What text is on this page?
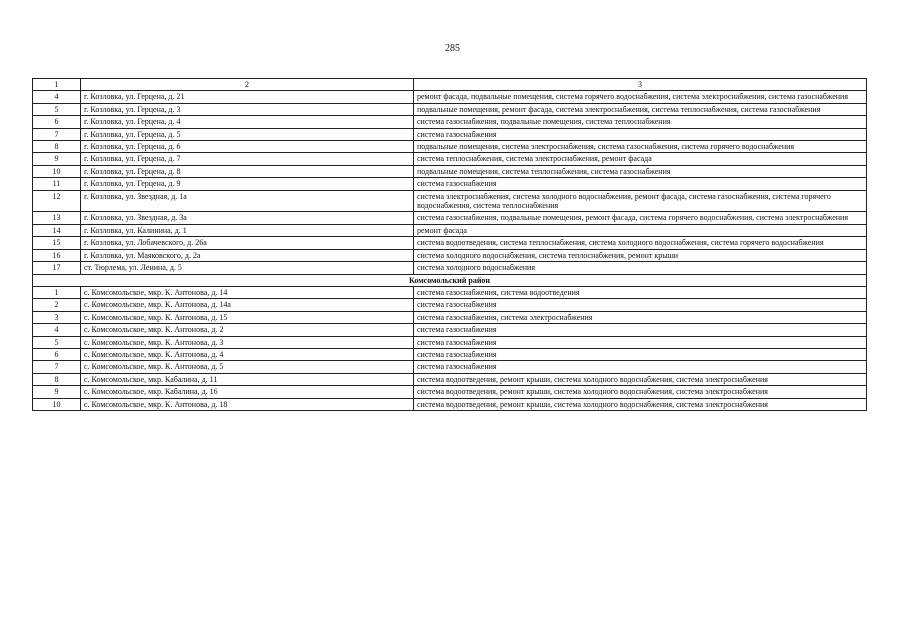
285
1	2	3
4	г. Козловка, ул. Герцена, д. 21	ремонт фасада, подвальные помещения, система горячего водоснабжения, система электроснабжения, система газоснабжения
5	г. Козловка, ул. Герцена, д. 3	подвальные помещения, ремонт фасада, система электроснабжения, система теплоснабжения, система газоснабжения
6	г. Козловка, ул. Герцена, д. 4	система газоснабжения, подвальные помещения, система теплоснабжения
7	г. Козловка, ул. Герцена, д. 5	система газоснабжения
8	г. Козловка, ул. Герцена, д. 6	подвальные помещения, система электроснабжения, система газоснабжения, система горячего водоснабжения
9	г. Козловка, ул. Герцена, д. 7	система теплоснабжения, система электроснабжения, ремонт фасада
10	г. Козловка, ул. Герцена, д. 8	подвальные помещения, система теплоснабжения, система газоснабжения
11	г. Козловка, ул. Герцена, д. 9	система газоснабжения
12	г. Козловка, ул. Звездная, д. 1а	система электроснабжения, система холодного водоснабжения, ремонт фасада, система газоснабжения, система горячего водоснабжения, система теплоснабжения
13	г. Козловка, ул. Звездная, д. 3а	система газоснабжения, подвальные помещения, ремонт фасада, система горячего водоснабжения, система электроснабжения
14	г. Козловка, ул. Калинина, д. 1	ремонт фасада
15	г. Козловка, ул. Лобачевского, д. 26а	система водоотведения, система теплоснабжения, система холодного водоснабжения, система горячего водоснабжения
16	г. Козловка, ул. Маяковского, д. 2а	система холодного водоснабжения, система теплоснабжения, ремонт крыши
17	ст. Тюрлема, ул. Ленина, д. 5	система холодного водоснабжения
Комсомольский район		
1	с. Комсомольское, мкр. К. Антонова, д. 14	система газоснабжения, система водоотведения
2	с. Комсомольское, мкр. К. Антонова, д. 14а	система газоснабжения
3	с. Комсомольское, мкр. К. Антонова, д. 15	система газоснабжения, система электроснабжения
4	с. Комсомольское, мкр. К. Антонова, д. 2	система газоснабжения
5	с. Комсомольское, мкр. К. Антонова, д. 3	система газоснабжения
6	с. Комсомольское, мкр. К. Антонова, д. 4	система газоснабжения
7	с. Комсомольское, мкр. К. Антонова, д. 5	система газоснабжения
8	с. Комсомольское, мкр. Кабалина, д. 11	система водоотведения, ремонт крыши, система холодного водоснабжения, система электроснабжения
9	с. Комсомольское, мкр. Кабалина, д. 16	система водоотведения, ремонт крыши, система холодного водоснабжения, система электроснабжения
10	с. Комсомольское, мкр. К. Антонова, д. 18	система водоотведения, ремонт крыши, система холодного водоснабжения, система электроснабжения
